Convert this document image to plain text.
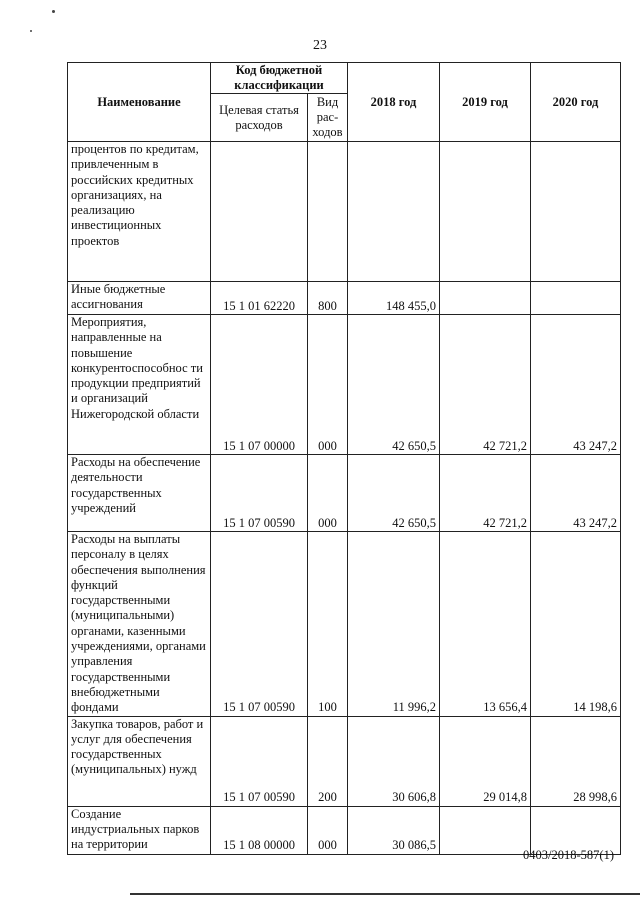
23
Наименование	Код бюджетной классификации		2018 год	2019 год	2020 год
	Целевая статья расходов	Вид рас-ходов			
процентов по кредитам, привлеченным в российских кредитных организациях, на реализацию инвестиционных проектов					
Иные бюджетные ассигнования	15 1 01 62220	800	148 455,0		
Мероприятия, направленные на повышение конкурентоспособнос ти продукции предприятий и организаций Нижегородской области	15 1 07 00000	000	42 650,5	42 721,2	43 247,2
Расходы на обеспечение деятельности государственных учреждений	15 1 07 00590	000	42 650,5	42 721,2	43 247,2
Расходы на выплаты персоналу в целях обеспечения выполнения функций государственными (муниципальными) органами, казенными учреждениями, органами управления государственными внебюджетными фондами	15 1 07 00590	100	11 996,2	13 656,4	14 198,6
Закупка товаров, работ и услуг для обеспечения государственных (муниципальных) нужд	15 1 07 00590	200	30 606,8	29 014,8	28 998,6
Создание индустриальных парков на территории	15 1 08 00000	000	30 086,5		
0403/2018-587(1)
